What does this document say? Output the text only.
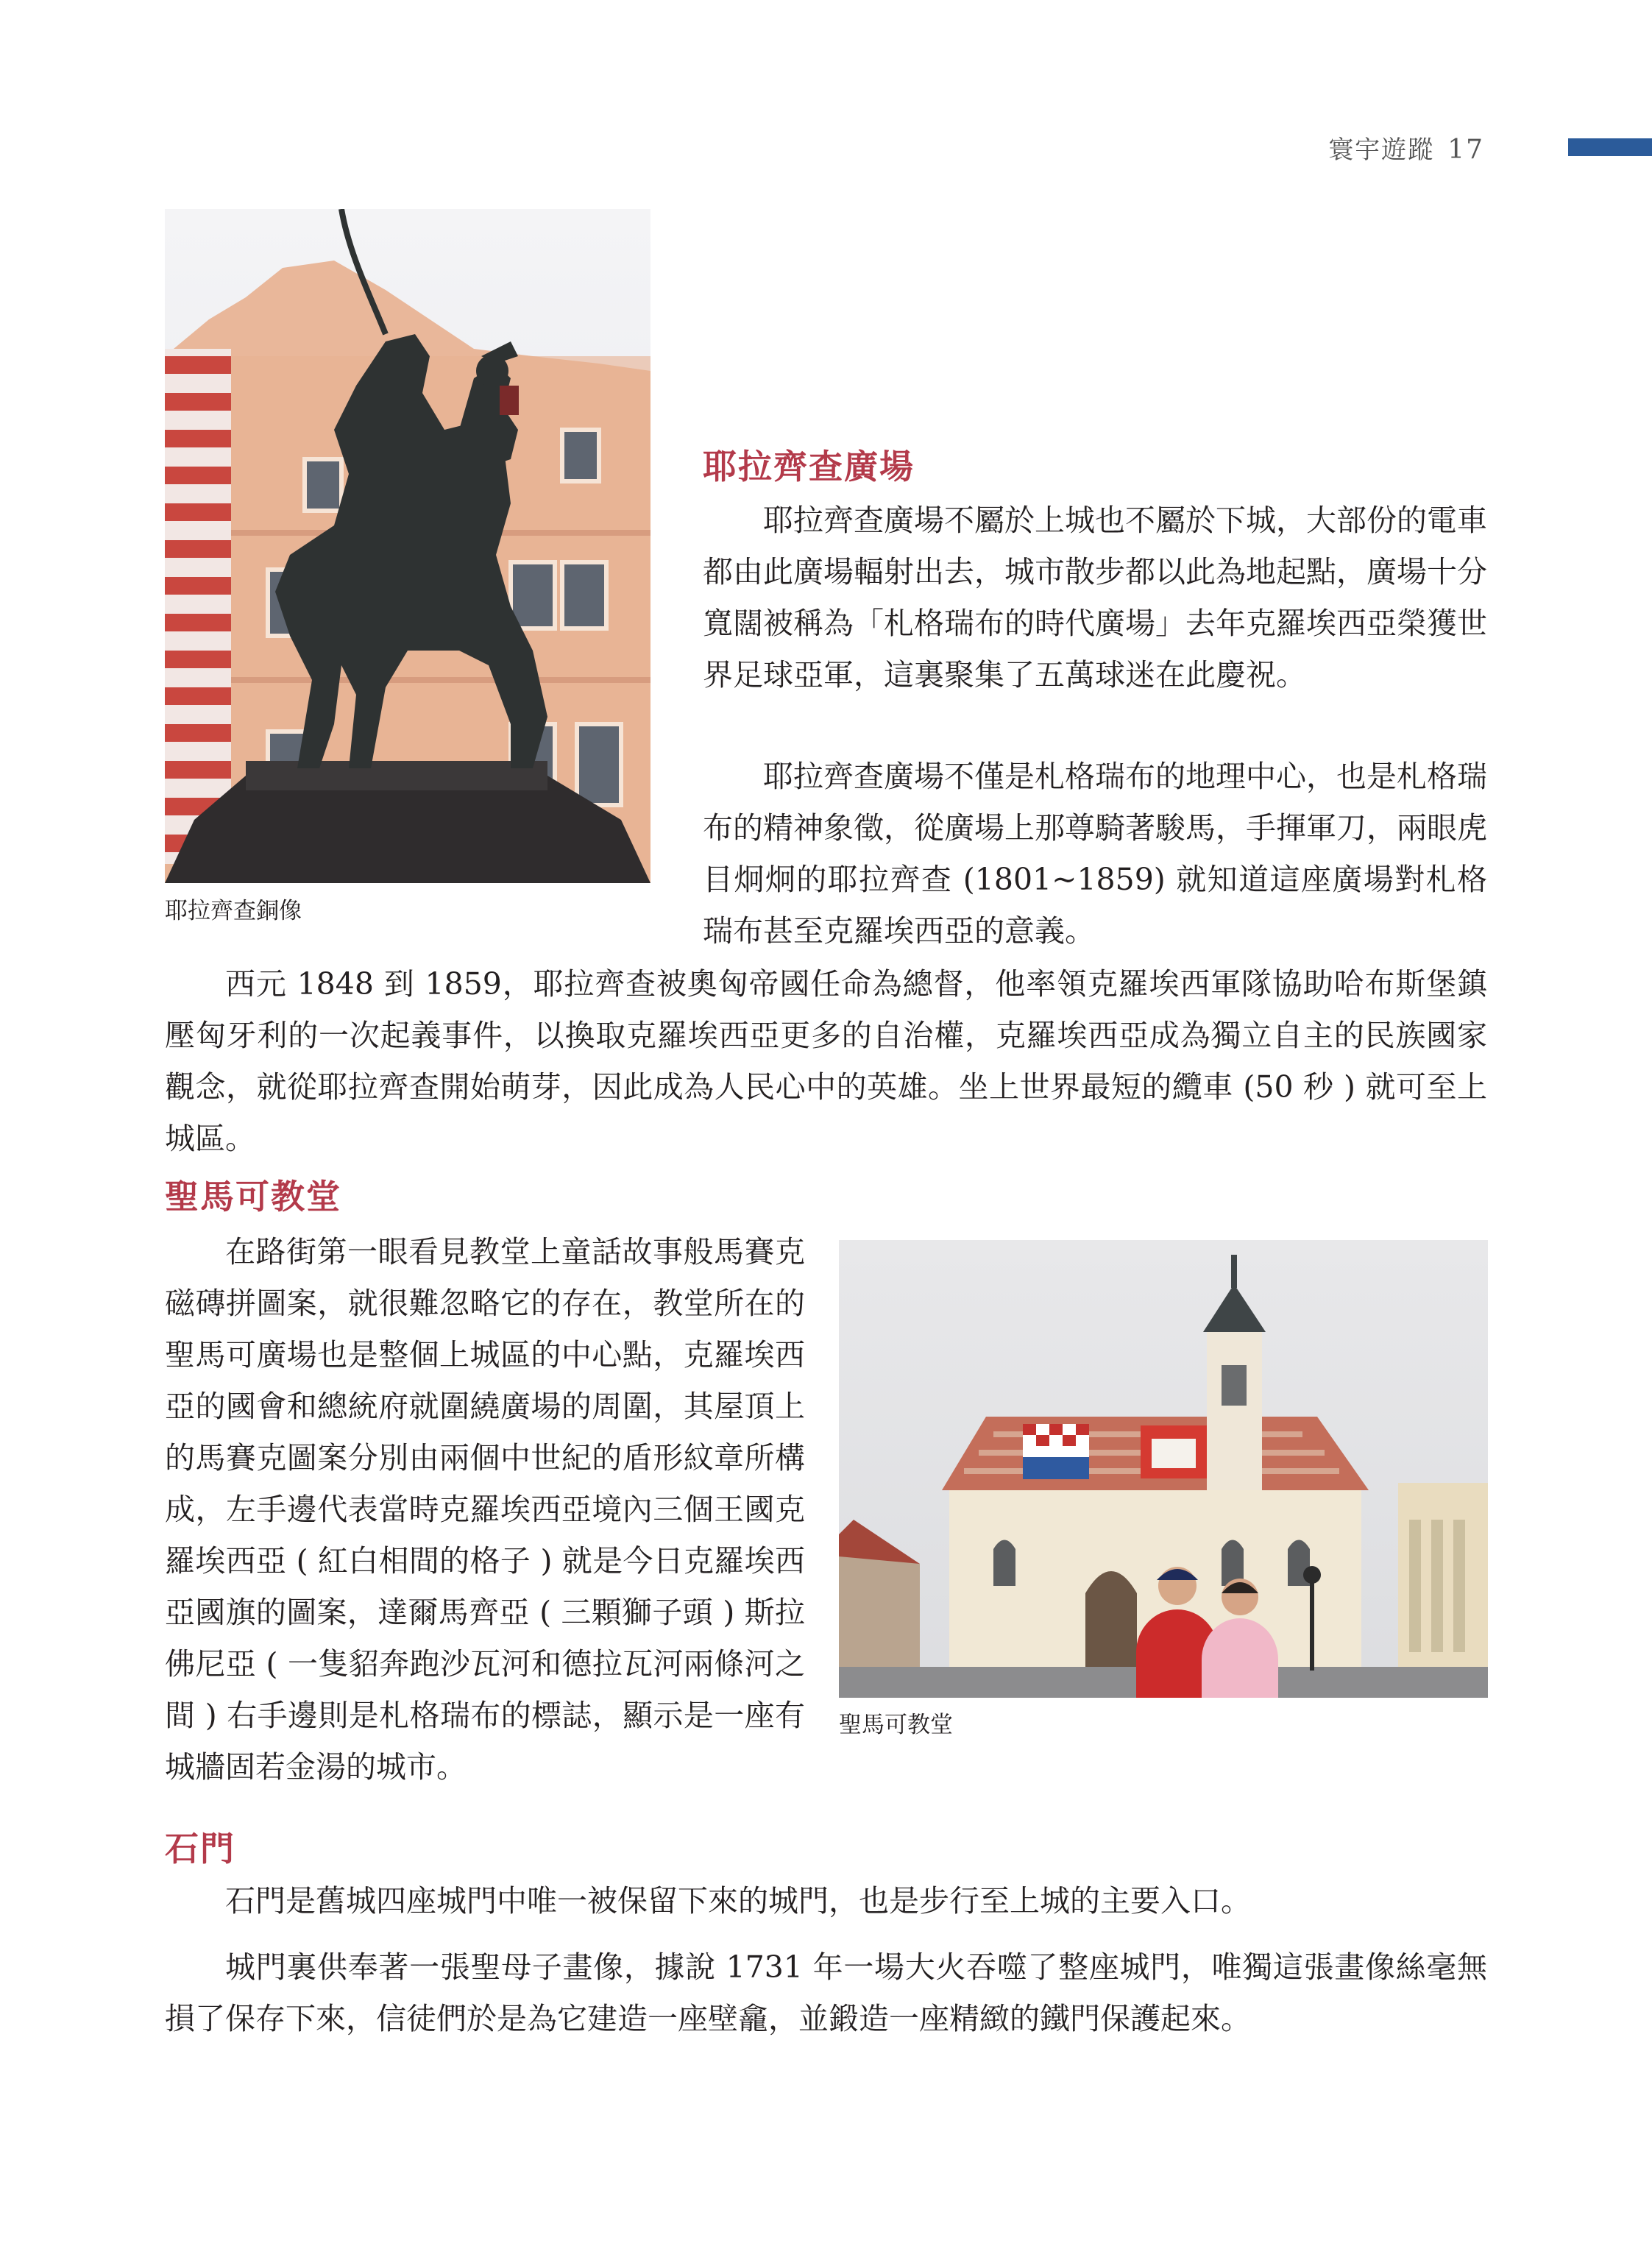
寰宇遊蹤 17
耶拉齊查銅像
耶拉齊查廣場

耶拉齊查廣場不屬於上城也不屬於下城，大部份的電車都由此廣場輻射出去，城市散步都以此為地起點，廣場十分寬闊被稱為「札格瑞布的時代廣場」去年克羅埃西亞榮獲世界足球亞軍，這裏聚集了五萬球迷在此慶祝。

耶拉齊查廣場不僅是札格瑞布的地理中心，也是札格瑞布的精神象徵，從廣場上那尊騎著駿馬，手揮軍刀，兩眼虎目炯炯的耶拉齊查 (1801~1859) 就知道這座廣場對札格瑞布甚至克羅埃西亞的意義。

西元 1848 到 1859，耶拉齊查被奧匈帝國任命為總督，他率領克羅埃西軍隊協助哈布斯堡鎮壓匈牙利的一次起義事件，以換取克羅埃西亞更多的自治權，克羅埃西亞成為獨立自主的民族國家觀念，就從耶拉齊查開始萌芽，因此成為人民心中的英雄。坐上世界最短的纜車 (50 秒 ) 就可至上城區。

聖馬可教堂

在路街第一眼看見教堂上童話故事般馬賽克磁磚拼圖案，就很難忽略它的存在，教堂所在的聖馬可廣場也是整個上城區的中心點，克羅埃西亞的國會和總統府就圍繞廣場的周圍，其屋頂上的馬賽克圖案分別由兩個中世紀的盾形紋章所構成，左手邊代表當時克羅埃西亞境內三個王國克羅埃西亞 ( 紅白相間的格子 ) 就是今日克羅埃西亞國旗的圖案，達爾馬齊亞 ( 三顆獅子頭 ) 斯拉佛尼亞 ( 一隻貂奔跑沙瓦河和德拉瓦河兩條河之間 ) 右手邊則是札格瑞布的標誌，顯示是一座有城牆固若金湯的城市。

聖馬可教堂
石門

石門是舊城四座城門中唯一被保留下來的城門，也是步行至上城的主要入口。

城門裏供奉著一張聖母子畫像，據說 1731 年一場大火吞噬了整座城門，唯獨這張畫像絲毫無損了保存下來，信徒們於是為它建造一座壁龕，並鍛造一座精緻的鐵門保護起來。
